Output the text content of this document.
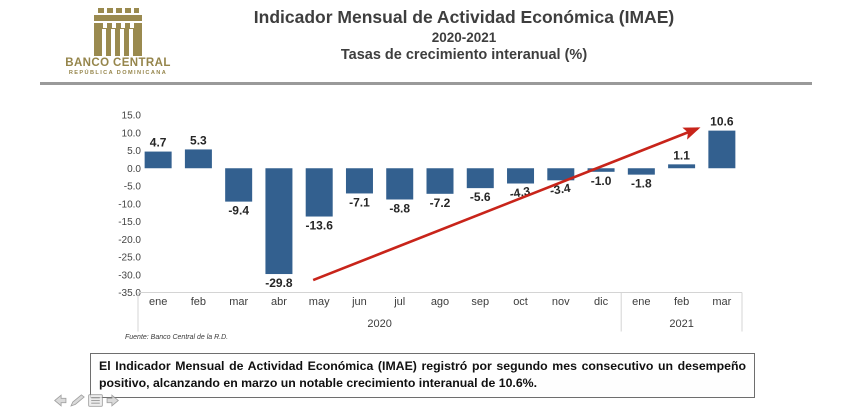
BANCO CENTRAL
REPÚBLICA DOMINICANA
Indicador Mensual de Actividad Económica (IMAE)
2020-2021
Tasas de crecimiento interanual (%)
15.0
10.0
5.0
0.0
-5.0
-10.0
-15.0
-20.0
-25.0
-30.0
-35.0
4.7 5.3
-9.4
-29.8
-13.6
-7.1 -8.8 -7.2 -5.6 -4.3 -3.4
-1.0 -1.8
1.1
10.6
ene feb mar abr may jun jul ago sep oct nov dic ene feb mar
2020	2021
Fuente: Banco Central de la R.D.
El Indicador Mensual de Actividad Económica (IMAE) registró por segundo mes consecutivo un desempeño positivo, alcanzando en marzo un notable crecimiento interanual de 10.6%.
